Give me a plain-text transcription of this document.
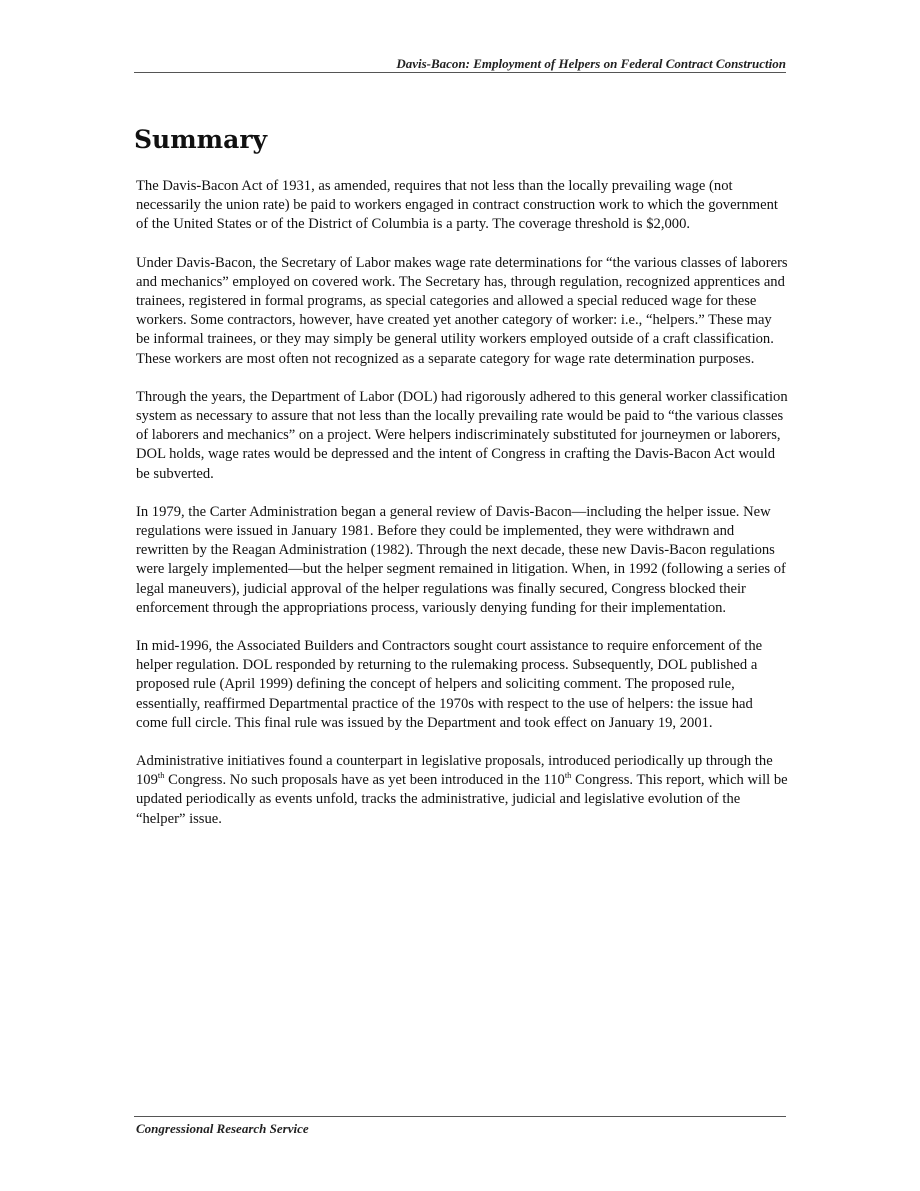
Davis-Bacon: Employment of Helpers on Federal Contract Construction
Summary

The Davis-Bacon Act of 1931, as amended, requires that not less than the locally prevailing wage (not necessarily the union rate) be paid to workers engaged in contract construction work to which the government of the United States or of the District of Columbia is a party. The coverage threshold is $2,000.

Under Davis-Bacon, the Secretary of Labor makes wage rate determinations for “the various classes of laborers and mechanics” employed on covered work. The Secretary has, through regulation, recognized apprentices and trainees, registered in formal programs, as special categories and allowed a special reduced wage for these workers. Some contractors, however, have created yet another category of worker: i.e., “helpers.” These may be informal trainees, or they may simply be general utility workers employed outside of a craft classification. These workers are most often not recognized as a separate category for wage rate determination purposes.

Through the years, the Department of Labor (DOL) had rigorously adhered to this general worker classification system as necessary to assure that not less than the locally prevailing rate would be paid to “the various classes of laborers and mechanics” on a project. Were helpers indiscriminately substituted for journeymen or laborers, DOL holds, wage rates would be depressed and the intent of Congress in crafting the Davis-Bacon Act would be subverted.

In 1979, the Carter Administration began a general review of Davis-Bacon—including the helper issue. New regulations were issued in January 1981. Before they could be implemented, they were withdrawn and rewritten by the Reagan Administration (1982). Through the next decade, these new Davis-Bacon regulations were largely implemented—but the helper segment remained in litigation. When, in 1992 (following a series of legal maneuvers), judicial approval of the helper regulations was finally secured, Congress blocked their enforcement through the appropriations process, variously denying funding for their implementation.

In mid-1996, the Associated Builders and Contractors sought court assistance to require enforcement of the helper regulation. DOL responded by returning to the rulemaking process. Subsequently, DOL published a proposed rule (April 1999) defining the concept of helpers and soliciting comment. The proposed rule, essentially, reaffirmed Departmental practice of the 1970s with respect to the use of helpers: the issue had come full circle. This final rule was issued by the Department and took effect on January 19, 2001.

Administrative initiatives found a counterpart in legislative proposals, introduced periodically up through the 109th Congress. No such proposals have as yet been introduced in the 110th Congress. This report, which will be updated periodically as events unfold, tracks the administrative, judicial and legislative evolution of the “helper” issue.

Congressional Research Service
